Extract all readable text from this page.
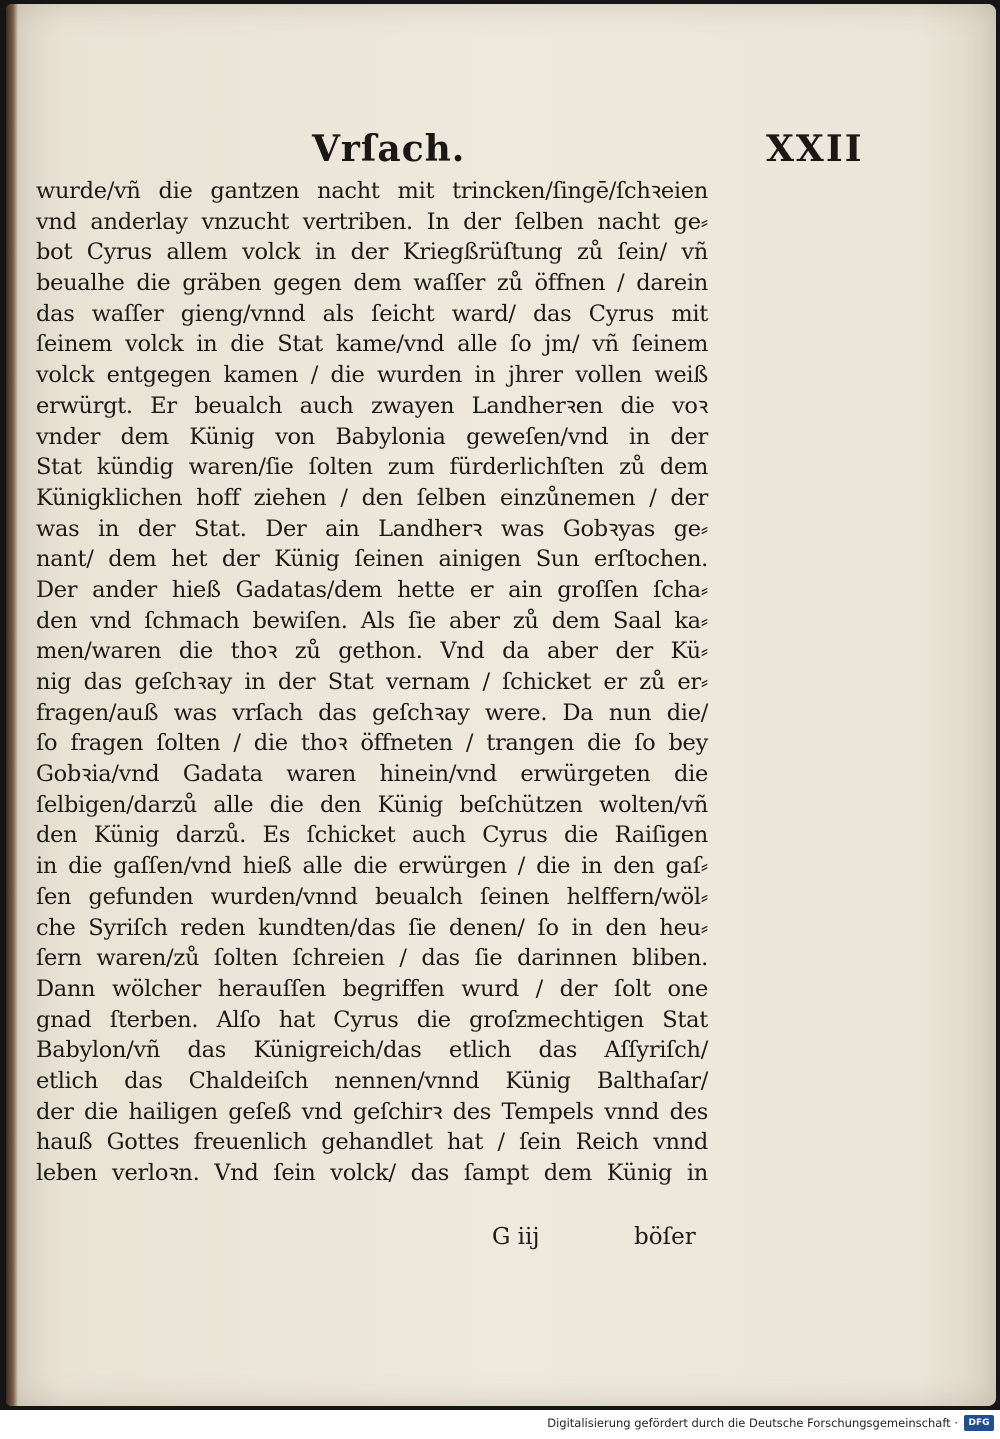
Vrſach.	XXII
wurde/vñ die gantzen nacht mit trincken/ſingē/ſchꝛeien
vnd anderlay vnzucht vertriben. In der ſelben nacht ge⸗
bot Cyrus allem volck in der Kriegßrüſtung zů ſein/ vñ
beualhe die gräben gegen dem waſſer zů öffnen / darein
das waſſer gieng/vnnd als ſeicht ward/ das Cyrus mit
ſeinem volck in die Stat kame/vnd alle ſo jm/ vñ ſeinem
volck entgegen kamen / die wurden in jhrer vollen weiß
erwürgt. Er beualch auch zwayen Landherꝛen die voꝛ
vnder dem Künig von Babylonia geweſen/vnd in der
Stat kündig waren/ſie ſolten zum fürderlichſten zů dem
Künigklichen hoff ziehen / den ſelben einzůnemen / der
was in der Stat. Der ain Landherꝛ was Gobꝛyas ge⸗
nant/ dem het der Künig ſeinen ainigen Sun erſtochen.
Der ander hieß Gadatas/dem hette er ain groſſen ſcha⸗
den vnd ſchmach bewiſen. Als ſie aber zů dem Saal ka⸗
men/waren die thoꝛ zů gethon. Vnd da aber der Kü⸗
nig das geſchꝛay in der Stat vernam / ſchicket er zů er⸗
fragen/auß was vrſach das geſchꝛay were. Da nun die/
ſo fragen ſolten / die thoꝛ öffneten / trangen die ſo bey
Gobꝛia/vnd Gadata waren hinein/vnd erwürgeten die
ſelbigen/darzů alle die den Künig beſchützen wolten/vñ
den Künig darzů. Es ſchicket auch Cyrus die Raiſigen
in die gaſſen/vnd hieß alle die erwürgen / die in den gaſ⸗
ſen gefunden wurden/vnnd beualch ſeinen helffern/wöl⸗
che Syriſch reden kundten/das ſie denen/ ſo in den heu⸗
ſern waren/zů ſolten ſchreien / das ſie darinnen bliben.
Dann wölcher herauſſen begriffen wurd / der ſolt one
gnad ſterben. Alſo hat Cyrus die groſzmechtigen Stat
Babylon/vñ das Künigreich/das etlich das Aſſyriſch/
etlich das Chaldeiſch nennen/vnnd Künig Balthaſar/
der die hailigen geſeß vnd geſchirꝛ des Tempels vnnd des
hauß Gottes freuenlich gehandlet hat / ſein Reich vnnd
leben verloꝛn. Vnd ſein volck/ das ſampt dem Künig in
G iij	böſer
Digitalisierung gefördert durch die Deutsche Forschungsgemeinschaft ·	DFG
